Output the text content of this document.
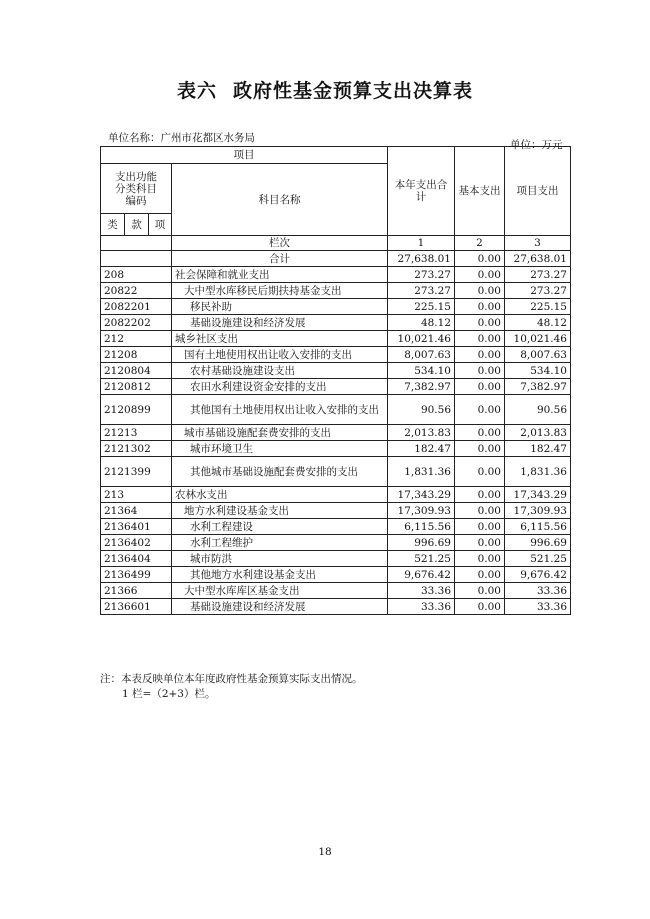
表六 政府性基金预算支出决算表
单位名称：广州市花都区水务局
单位：万元
项目				本年支出合计	基本支出	项目支出
支出功能分类科目编码			科目名称			
类	款	项				
			栏次	1	2	3
			合计	27,638.01	0.00	27,638.01
208			社会保障和就业支出	273.27	0.00	273.27
20822			大中型水库移民后期扶持基金支出	273.27	0.00	273.27
2082201			移民补助	225.15	0.00	225.15
2082202			基础设施建设和经济发展	48.12	0.00	48.12
212			城乡社区支出	10,021.46	0.00	10,021.46
21208			国有土地使用权出让收入安排的支出	8,007.63	0.00	8,007.63
2120804			农村基础设施建设支出	534.10	0.00	534.10
2120812			农田水利建设资金安排的支出	7,382.97	0.00	7,382.97
2120899			其他国有土地使用权出让收入安排的支出	90.56	0.00	90.56
21213			城市基础设施配套费安排的支出	2,013.83	0.00	2,013.83
2121302			城市环境卫生	182.47	0.00	182.47
2121399			其他城市基础设施配套费安排的支出	1,831.36	0.00	1,831.36
213			农林水支出	17,343.29	0.00	17,343.29
21364			地方水利建设基金支出	17,309.93	0.00	17,309.93
2136401			水利工程建设	6,115.56	0.00	6,115.56
2136402			水利工程维护	996.69	0.00	996.69
2136404			城市防洪	521.25	0.00	521.25
2136499			其他地方水利建设基金支出	9,676.42	0.00	9,676.42
21366			大中型水库库区基金支出	33.36	0.00	33.36
2136601			基础设施建设和经济发展	33.36	0.00	33.36
注：本表反映单位本年度政府性基金预算实际支出情况。
1 栏=（2+3）栏。
18
